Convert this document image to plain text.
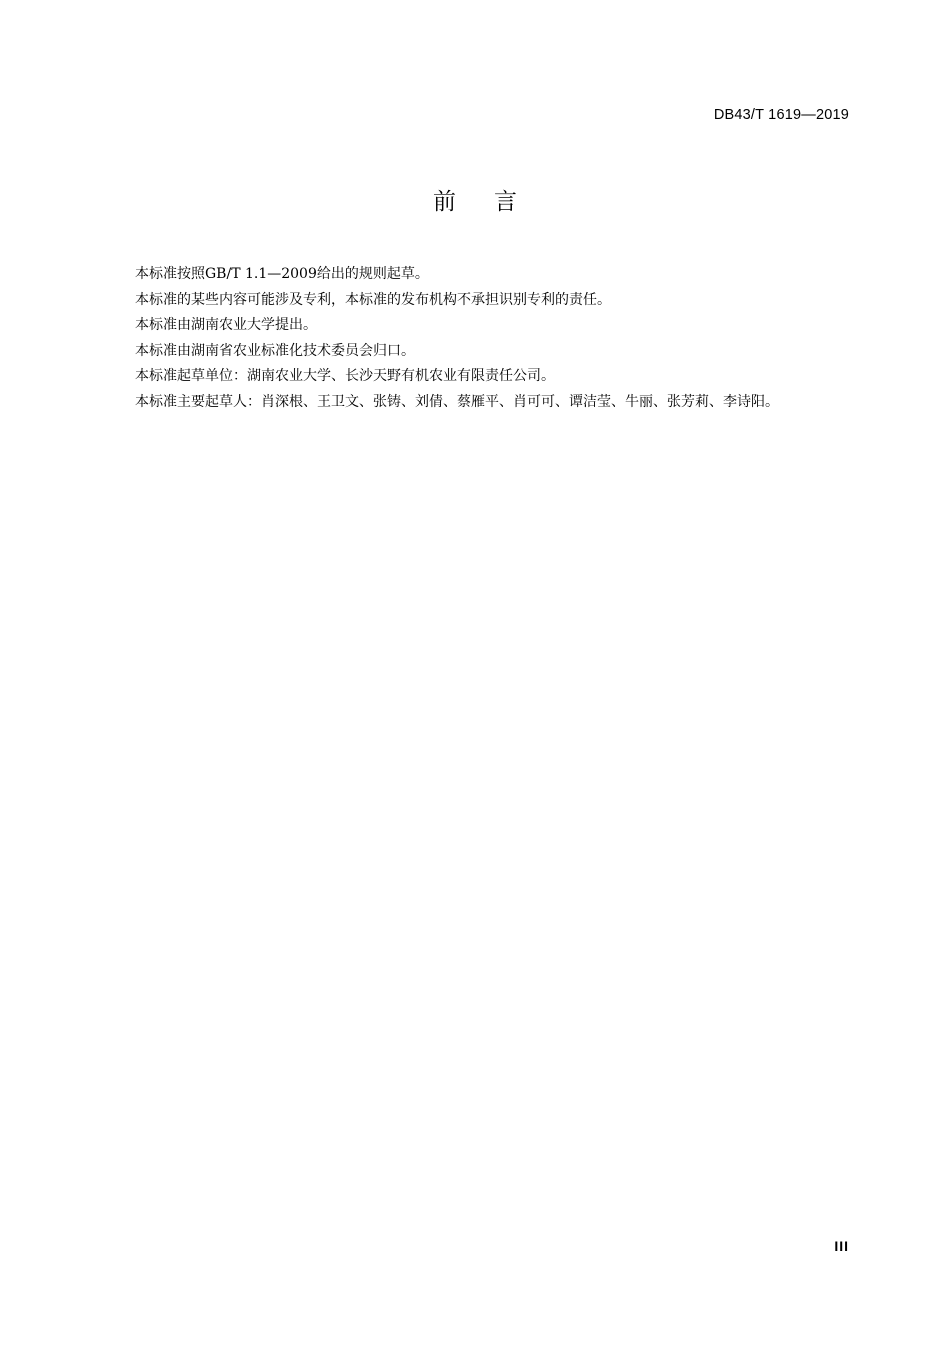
DB43/T 1619—2019
前言

本标准按照GB/T 1.1—2009给出的规则起草。

本标准的某些内容可能涉及专利，本标准的发布机构不承担识别专利的责任。

本标准由湖南农业大学提出。

本标准由湖南省农业标准化技术委员会归口。

本标准起草单位：湖南农业大学、长沙天野有机农业有限责任公司。

本标准主要起草人：肖深根、王卫文、张铸、刘倩、蔡雁平、肖可可、谭洁莹、牛丽、张芳莉、李诗阳。

III
